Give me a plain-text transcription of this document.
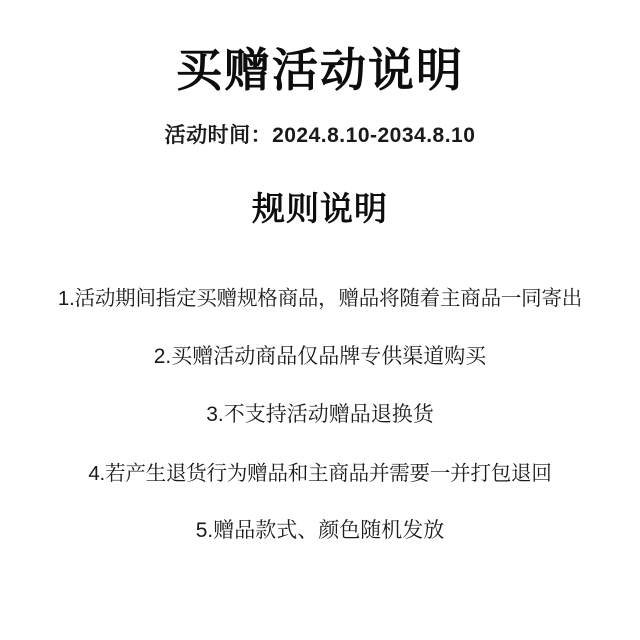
买赠活动说明
活动时间：2024.8.10-2034.8.10
规则说明
1.活动期间指定买赠规格商品，赠品将随着主商品一同寄出
2.买赠活动商品仅品牌专供渠道购买
3.不支持活动赠品退换货
4.若产生退货行为赠品和主商品并需要一并打包退回
5.赠品款式、颜色随机发放
